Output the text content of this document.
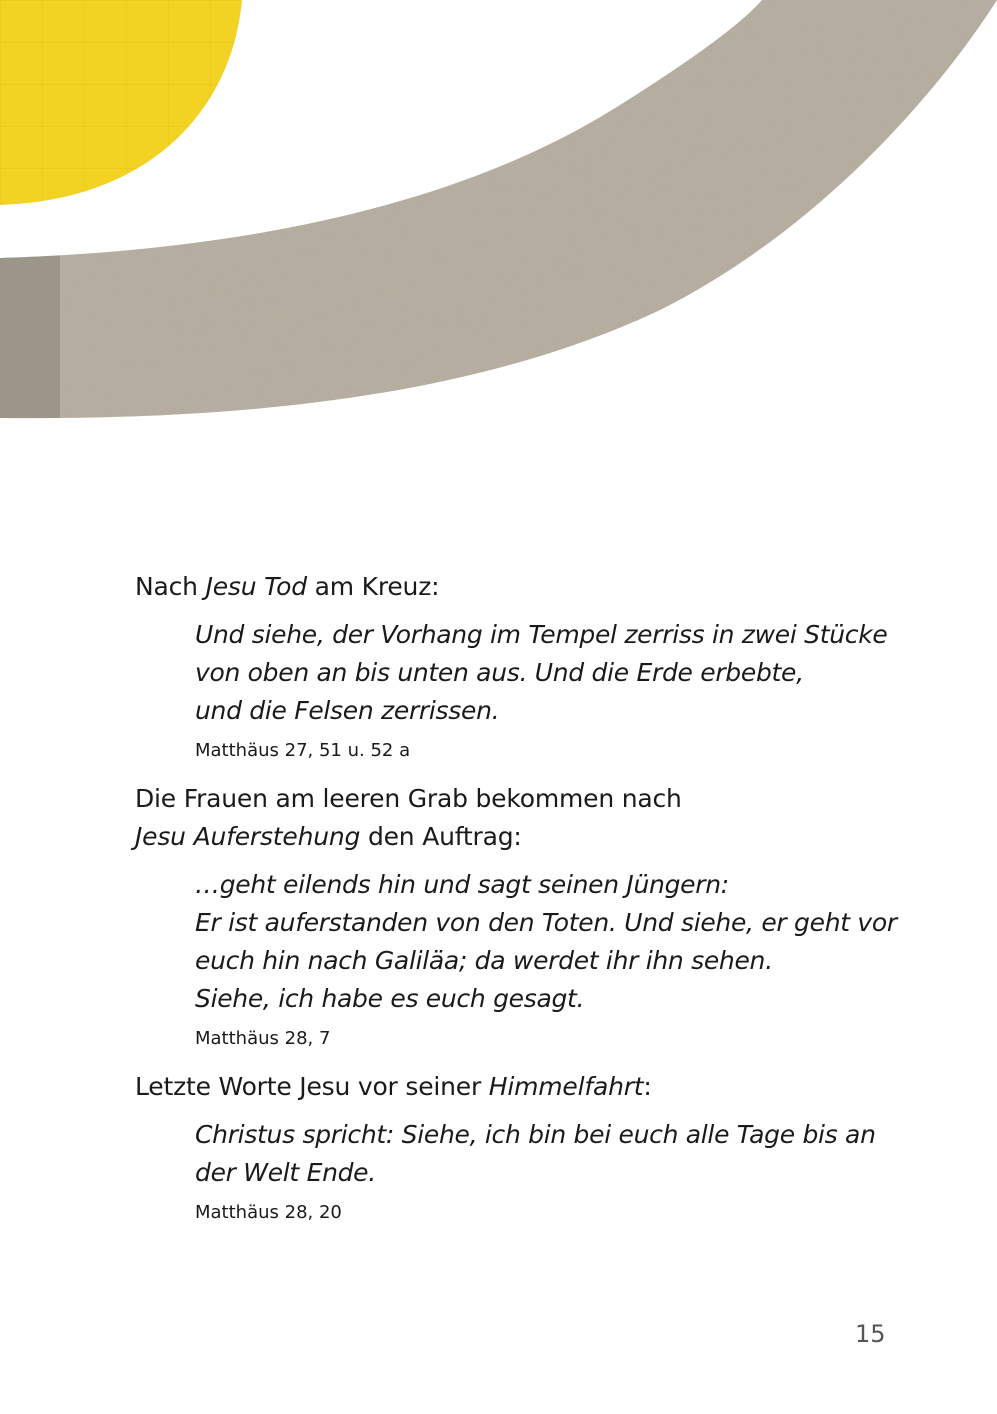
Nach Jesu Tod am Kreuz:

Und siehe, der Vorhang im Tempel zerriss in zwei Stücke
von oben an bis unten aus. Und die Erde erbebte,
und die Felsen zerrissen.
Matthäus 27, 51 u. 52 a

Die Frauen am leeren Grab bekommen nach
Jesu Auferstehung den Auftrag:

…geht eilends hin und sagt seinen Jüngern:
Er ist auferstanden von den Toten. Und siehe, er geht vor
euch hin nach Galiläa; da werdet ihr ihn sehen.
Siehe, ich habe es euch gesagt.
Matthäus 28, 7

Letzte Worte Jesu vor seiner Himmelfahrt:

Christus spricht: Siehe, ich bin bei euch alle Tage bis an
der Welt Ende.
Matthäus 28, 20
15
